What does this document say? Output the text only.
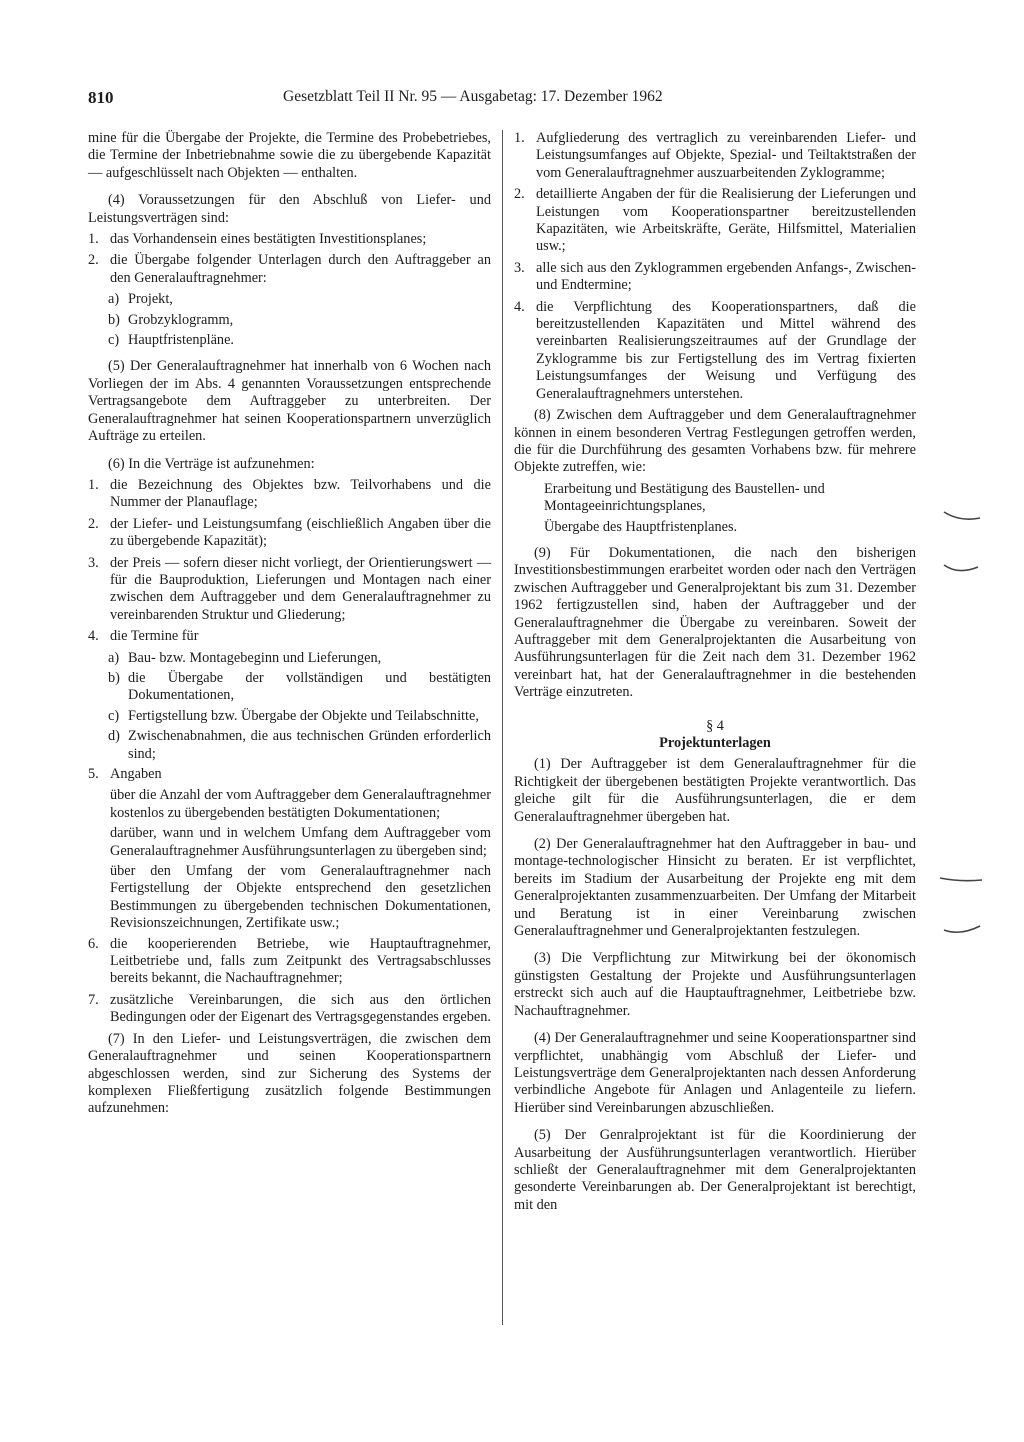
810	Gesetzblatt Teil II Nr. 95 — Ausgabetag: 17. Dezember 1962

mine für die Übergabe der Projekte, die Termine des Probebetriebes, die Termine der Inbetriebnahme sowie die zu übergebende Kapazität — aufgeschlüsselt nach Objekten — enthalten.

(4) Voraussetzungen für den Abschluß von Liefer- und Leistungsverträgen sind:

1. das Vorhandensein eines bestätigten Investitionsplanes;
2. die Übergabe folgender Unterlagen durch den Auftraggeber an den Generalauftragnehmer:
a) Projekt,
b) Grobzyklogramm,
c) Hauptfristenpläne.

(5) Der Generalauftragnehmer hat innerhalb von 6 Wochen nach Vorliegen der im Abs. 4 genannten Voraussetzungen entsprechende Vertragsangebote dem Auftraggeber zu unterbreiten. Der Generalauftragnehmer hat seinen Kooperationspartnern unverzüglich Aufträge zu erteilen.

(6) In die Verträge ist aufzunehmen:

1. die Bezeichnung des Objektes bzw. Teilvorhabens und die Nummer der Planauflage;
2. der Liefer- und Leistungsumfang (eischließlich Angaben über die zu übergebende Kapazität);
3. der Preis — sofern dieser nicht vorliegt, der Orientierungswert — für die Bauproduktion, Lieferungen und Montagen nach einer zwischen dem Auftraggeber und dem Generalauftragnehmer zu vereinbarenden Struktur und Gliederung;
4. die Termine für
a) Bau- bzw. Montagebeginn und Lieferungen,
b) die Übergabe der vollständigen und bestätigten Dokumentationen,
c) Fertigstellung bzw. Übergabe der Objekte und Teilabschnitte,
d) Zwischenabnahmen, die aus technischen Gründen erforderlich sind;
5. Angaben

über die Anzahl der vom Auftraggeber dem Generalauftragnehmer kostenlos zu übergebenden bestätigten Dokumentationen;

darüber, wann und in welchem Umfang dem Auftraggeber vom Generalauftragnehmer Ausführungsunterlagen zu übergeben sind;

über den Umfang der vom Generalauftragnehmer nach Fertigstellung der Objekte entsprechend den gesetzlichen Bestimmungen zu übergebenden technischen Dokumentationen, Revisionszeichnungen, Zertifikate usw.;

6. die kooperierenden Betriebe, wie Hauptauftragnehmer, Leitbetriebe und, falls zum Zeitpunkt des Vertragsabschlusses bereits bekannt, die Nachauftragnehmer;
7. zusätzliche Vereinbarungen, die sich aus den örtlichen Bedingungen oder der Eigenart des Vertragsgegenstandes ergeben.

(7) In den Liefer- und Leistungsverträgen, die zwischen dem Generalauftragnehmer und seinen Kooperationspartnern abgeschlossen werden, sind zur Sicherung des Systems der komplexen Fließfertigung zusätzlich folgende Bestimmungen aufzunehmen:

1. Aufgliederung des vertraglich zu vereinbarenden Liefer- und Leistungsumfanges auf Objekte, Spezial- und Teiltaktstraßen der vom Generalauftragnehmer auszuarbeitenden Zyklogramme;
2. detaillierte Angaben der für die Realisierung der Lieferungen und Leistungen vom Kooperationspartner bereitzustellenden Kapazitäten, wie Arbeitskräfte, Geräte, Hilfsmittel, Materialien usw.;
3. alle sich aus den Zyklogrammen ergebenden Anfangs-, Zwischen- und Endtermine;
4. die Verpflichtung des Kooperationspartners, daß die bereitzustellenden Kapazitäten und Mittel während des vereinbarten Realisierungszeitraumes auf der Grundlage der Zyklogramme bis zur Fertigstellung des im Vertrag fixierten Leistungsumfanges der Weisung und Verfügung des Generalauftragnehmers unterstehen.

(8) Zwischen dem Auftraggeber und dem Generalauftragnehmer können in einem besonderen Vertrag Festlegungen getroffen werden, die für die Durchführung des gesamten Vorhabens bzw. für mehrere Objekte zutreffen, wie:

Erarbeitung und Bestätigung des Baustellen- und Montageeinrichtungsplanes,

Übergabe des Hauptfristenplanes.

(9) Für Dokumentationen, die nach den bisherigen Investitionsbestimmungen erarbeitet worden oder nach den Verträgen zwischen Auftraggeber und Generalprojektant bis zum 31. Dezember 1962 fertigzustellen sind, haben der Auftraggeber und der Generalauftragnehmer die Übergabe zu vereinbaren. Soweit der Auftraggeber mit dem Generalprojektanten die Ausarbeitung von Ausführungsunterlagen für die Zeit nach dem 31. Dezember 1962 vereinbart hat, hat der Generalauftragnehmer in die bestehenden Verträge einzutreten.

§ 4
Projektunterlagen

(1) Der Auftraggeber ist dem Generalauftragnehmer für die Richtigkeit der übergebenen bestätigten Projekte verantwortlich. Das gleiche gilt für die Ausführungsunterlagen, die er dem Generalauftragnehmer übergeben hat.

(2) Der Generalauftragnehmer hat den Auftraggeber in bau- und montage-technologischer Hinsicht zu beraten. Er ist verpflichtet, bereits im Stadium der Ausarbeitung der Projekte eng mit dem Generalprojektanten zusammenzuarbeiten. Der Umfang der Mitarbeit und Beratung ist in einer Vereinbarung zwischen Generalauftragnehmer und Generalprojektanten festzulegen.

(3) Die Verpflichtung zur Mitwirkung bei der ökonomisch günstigsten Gestaltung der Projekte und Ausführungsunterlagen erstreckt sich auch auf die Hauptauftragnehmer, Leitbetriebe bzw. Nachauftragnehmer.

(4) Der Generalauftragnehmer und seine Kooperationspartner sind verpflichtet, unabhängig vom Abschluß der Liefer- und Leistungsverträge dem Generalprojektanten nach dessen Anforderung verbindliche Angebote für Anlagen und Anlagenteile zu liefern. Hierüber sind Vereinbarungen abzuschließen.

(5) Der Genralprojektant ist für die Koordinierung der Ausarbeitung der Ausführungsunterlagen verantwortlich. Hierüber schließt der Generalauftragnehmer mit dem Generalprojektanten gesonderte Vereinbarungen ab. Der Generalprojektant ist berechtigt, mit den
